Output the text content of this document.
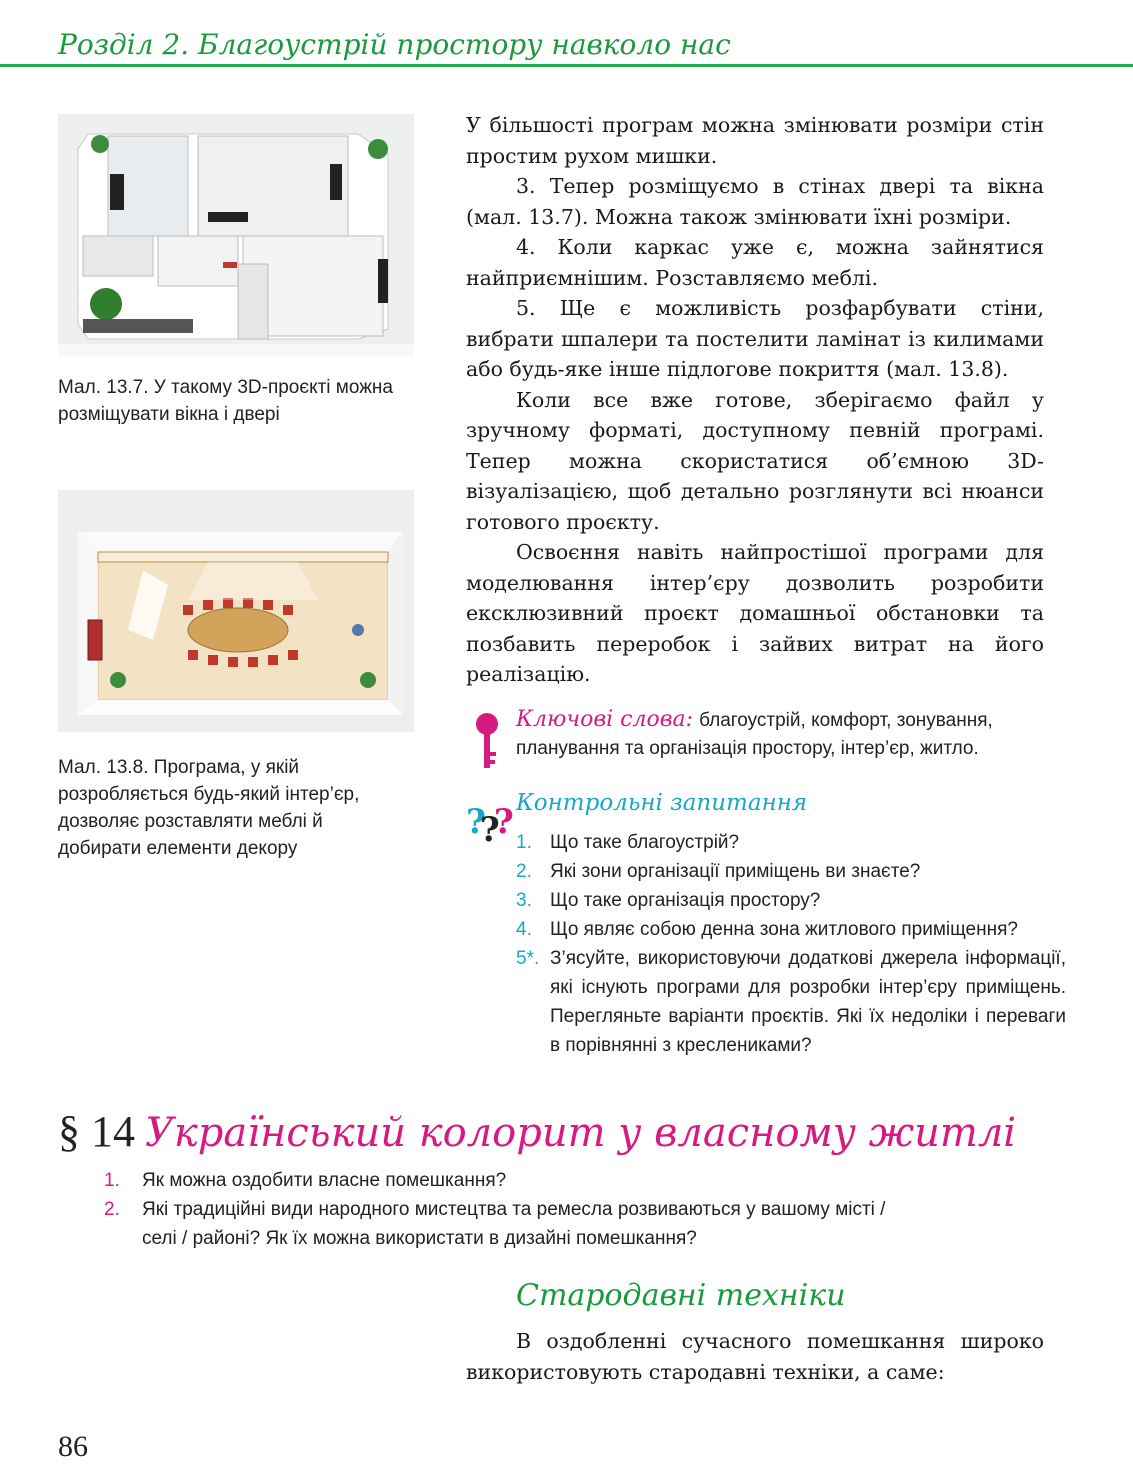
Розділ 2. Благоустрій простору навколо нас
Мал. 13.7. У такому 3D-проєкті можна розміщувати вікна і двері
Мал. 13.8. Програма, у якій розробляється будь-який інтер’єр, дозволяє розставляти меблі й добирати елементи декору

У більшості програм можна змінювати розміри стін простим рухом мишки.

3. Тепер розміщуємо в стінах двері та вікна (мал. 13.7). Можна також змінювати їхні розміри.

4. Коли каркас уже є, можна зайнятися найприємнішим. Розставляємо меблі.

5. Ще є можливість розфарбувати стіни, вибрати шпалери та постелити ламінат із килимами або будь-яке інше підлогове покриття (мал. 13.8).

Коли все вже готове, зберігаємо файл у зручному форматі, доступному певній програмі. Тепер можна скористатися об’ємною 3D-візуалізацією, щоб детально розглянути всі нюанси готового проєкту.

Освоєння навіть найпростішої програми для моделювання інтер’єру дозволить розробити ексклюзивний проєкт домашньої обстановки та позбавить переробок і зайвих витрат на його реалізацію.

Ключові слова: благоустрій, комфорт, зонування, планування та організація простору, інтер’єр, житло.
??? Контрольні запитання
1. Що таке благоустрій?
2. Які зони організації приміщень ви знаєте?
3. Що таке організація простору?
4. Що являє собою денна зона житлового приміщення?
5*. З’ясуйте, використовуючи додаткові джерела інформації, які існують програми для розробки інтер’єру приміщень. Перегляньте варіанти проєктів. Які їх недоліки і переваги в порівнянні з креслениками?
§ 14 Український колорит у власному житлі
1. Як можна оздобити власне помешкання?
2. Які традиційні види народного мистецтва та ремесла розвиваються у вашому місті / селі / районі? Як їх можна використати в дизайні помешкання?
Стародавні техніки

В оздобленні сучасного помешкання широко використовують стародавні техніки, а саме:

86
